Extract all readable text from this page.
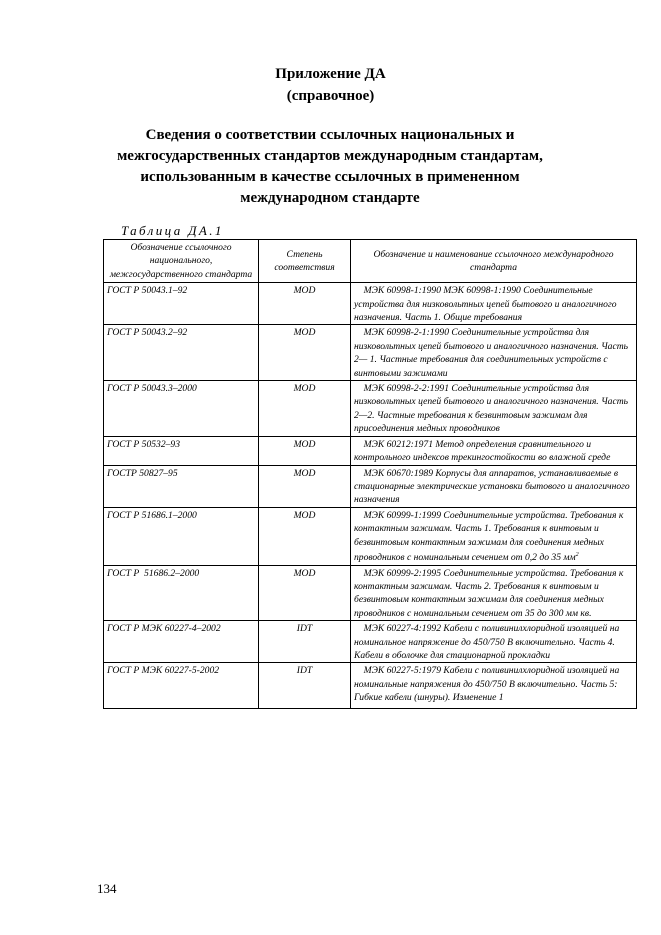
Приложение ДА
(справочное)
Сведения о соответствии ссылочных национальных и
межгосударственных стандартов международным стандартам,
использованным в качестве ссылочных в примененном
международном стандарте
Таблица ДА.1
Обозначение ссылочного национального, межгосударственного стандарта	Степень соответствия	Обозначение и наименование ссылочного международного стандарта
ГОСТ Р 50043.1–92	MOD	МЭК 60998-1:1990 МЭК 60998-1:1990 Соединительные устройства для низковольтных цепей бытового и аналогичного назначения. Часть 1. Общие требования
ГОСТ Р 50043.2–92	MOD	МЭК 60998-2-1:1990 Соединительные устройства для низковольтных цепей бытового и аналогичного назначения. Часть 2— 1. Частные требования для соединительных устройств с винтовыми зажимами
ГОСТ Р 50043.3–2000	MOD	МЭК 60998-2-2:1991 Соединительные устройства для низковольтных цепей бытового и аналогичного назначения. Часть 2—2. Частные требования к безвинтовым зажимам для присоединения медных проводников
ГОСТ Р 50532–93	MOD	МЭК 60212:1971 Метод определения сравнительного и контрольного индексов трекингостойкости во влажной среде
ГОСТР 50827–95	MOD	МЭК 60670:1989 Корпусы для аппаратов, устанавливаемые в стационарные электрические установки бытового и аналогичного назначения
ГОСТ Р 51686.1–2000	MOD	МЭК 60999-1:1999 Соединительные устройства. Требования к контактным зажимам. Часть 1. Требования к винтовым и безвинтовым контактным зажимам для соединения медных проводников с номинальным сечением от 0,2 до 35 $мм^2$
ГОСТ Р  51686.2–2000	MOD	МЭК 60999-2:1995 Соединительные устройства. Требования к контактным зажимам. Часть 2. Требования к винтовым и безвинтовым контактным зажимам для соединения медных проводников с номинальным сечением от 35 до 300 мм кв.
ГОСТ Р МЭК 60227-4–2002	IDT	МЭК 60227-4:1992 Кабели с поливинилхлоридной изоляцией на номинальное напряжение до 450/750 В включительно. Часть 4. Кабели в оболочке для стационарной прокладки
ГОСТ Р МЭК 60227-5-2002	IDT	МЭК 60227-5:1979 Кабели с поливинилхлоридной изоляцией на номинальные напряжения до 450/750 В включительно. Часть 5: Гибкие кабели (шнуры). Изменение 1
134
